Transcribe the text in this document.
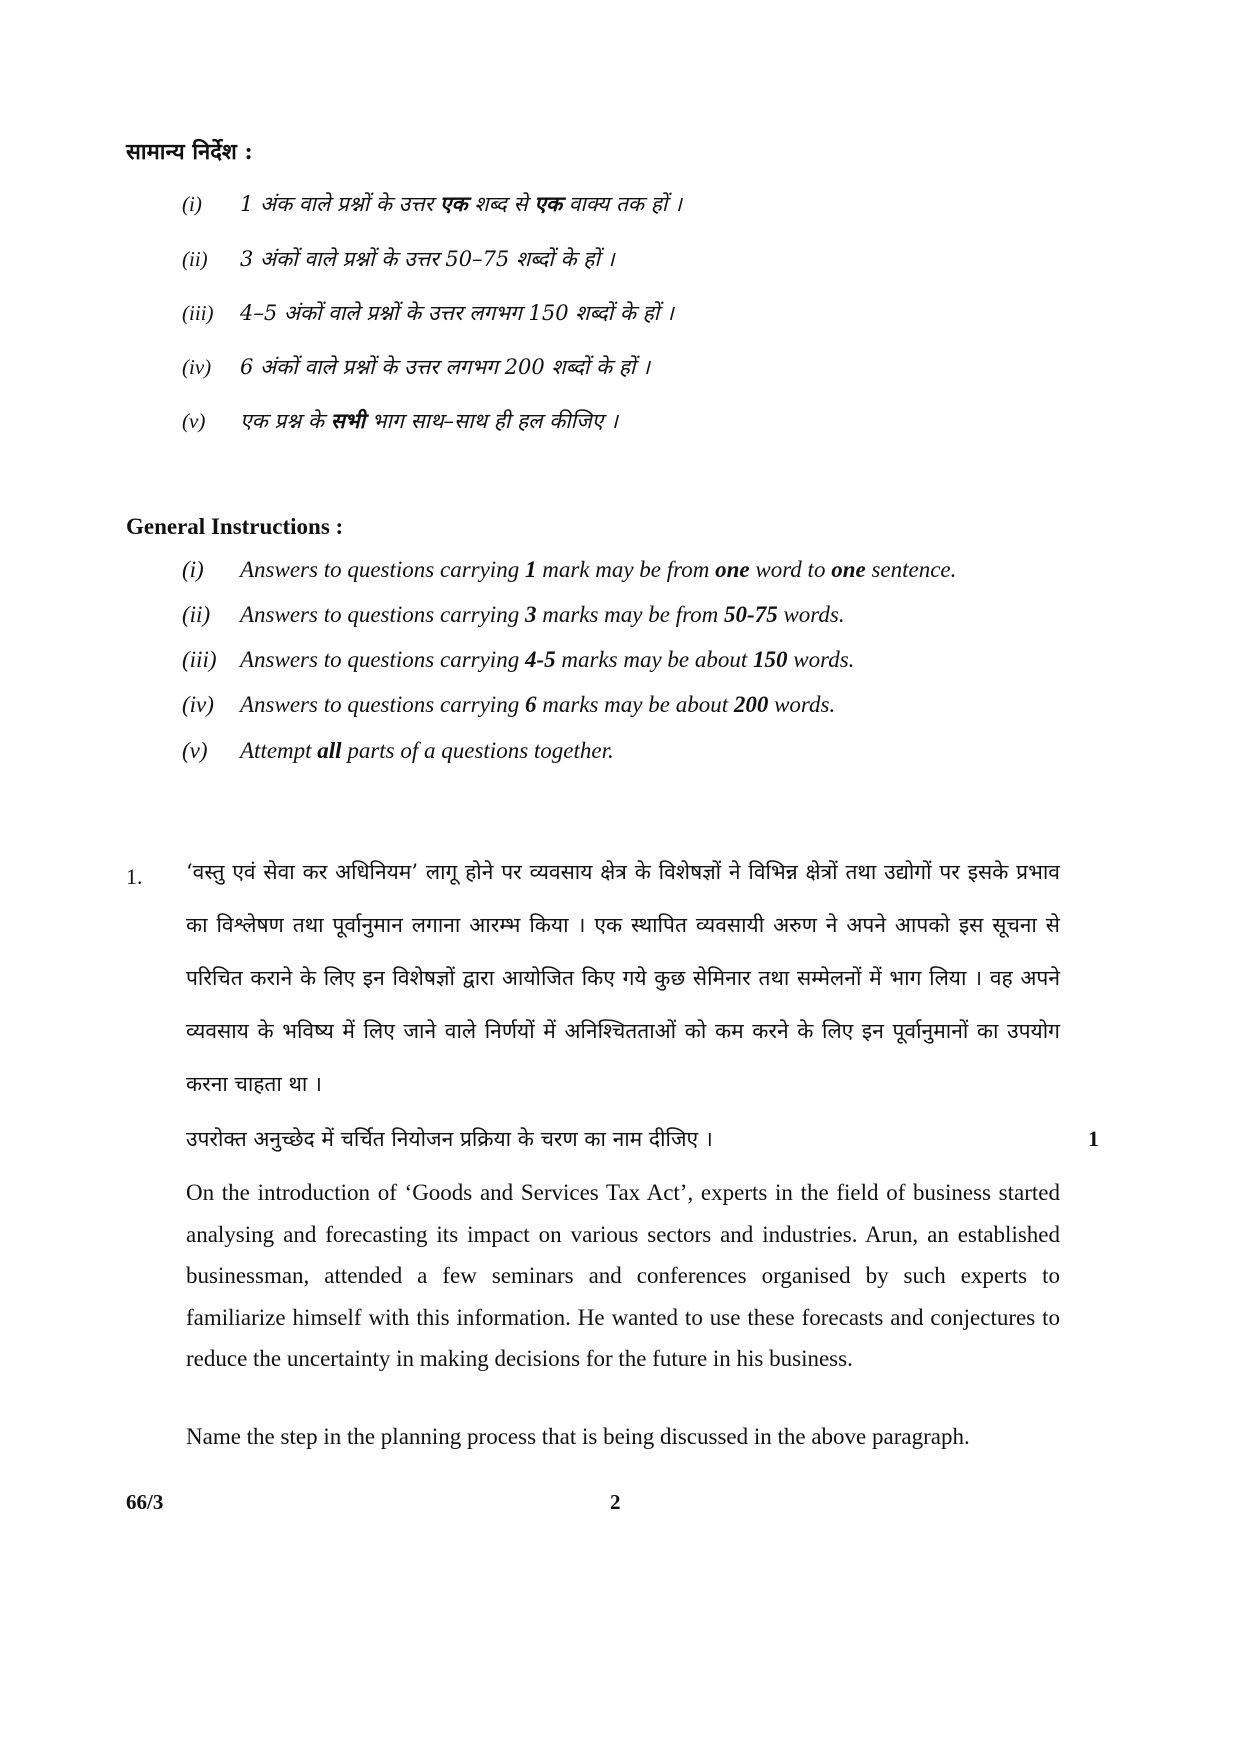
सामान्य निर्देश :
(i) 1 अंक वाले प्रश्नों के उत्तर एक शब्द से एक वाक्य तक हों ।
(ii) 3 अंकों वाले प्रश्नों के उत्तर 50–75 शब्दों के हों ।
(iii) 4–5 अंकों वाले प्रश्नों के उत्तर लगभग 150 शब्दों के हों ।
(iv) 6 अंकों वाले प्रश्नों के उत्तर लगभग 200 शब्दों के हों ।
(v) एक प्रश्न के सभी भाग साथ–साथ ही हल कीजिए ।
General Instructions :
(i) Answers to questions carrying 1 mark may be from one word to one sentence.
(ii) Answers to questions carrying 3 marks may be from 50-75 words.
(iii) Answers to questions carrying 4-5 marks may be about 150 words.
(iv) Answers to questions carrying 6 marks may be about 200 words.
(v) Attempt all parts of a questions together.
1. ‘वस्तु एवं सेवा कर अधिनियम’ लागू होने पर व्यवसाय क्षेत्र के विशेषज्ञों ने विभिन्न क्षेत्रों तथा उद्योगों पर इसके प्रभाव का विश्लेषण तथा पूर्वानुमान लगाना आरम्भ किया । एक स्थापित व्यवसायी अरुण ने अपने आपको इस सूचना से परिचित कराने के लिए इन विशेषज्ञों द्वारा आयोजित किए गये कुछ सेमिनार तथा सम्मेलनों में भाग लिया । वह अपने व्यवसाय के भविष्य में लिए जाने वाले निर्णयों में अनिश्चितताओं को कम करने के लिए इन पूर्वानुमानों का उपयोग करना चाहता था ।
उपरोक्त अनुच्छेद में चर्चित नियोजन प्रक्रिया के चरण का नाम दीजिए ।	1
On the introduction of ‘Goods and Services Tax Act’, experts in the field of business started analysing and forecasting its impact on various sectors and industries. Arun, an established businessman, attended a few seminars and conferences organised by such experts to familiarize himself with this information. He wanted to use these forecasts and conjectures to reduce the uncertainty in making decisions for the future in his business.
Name the step in the planning process that is being discussed in the above paragraph.
66/3	2
